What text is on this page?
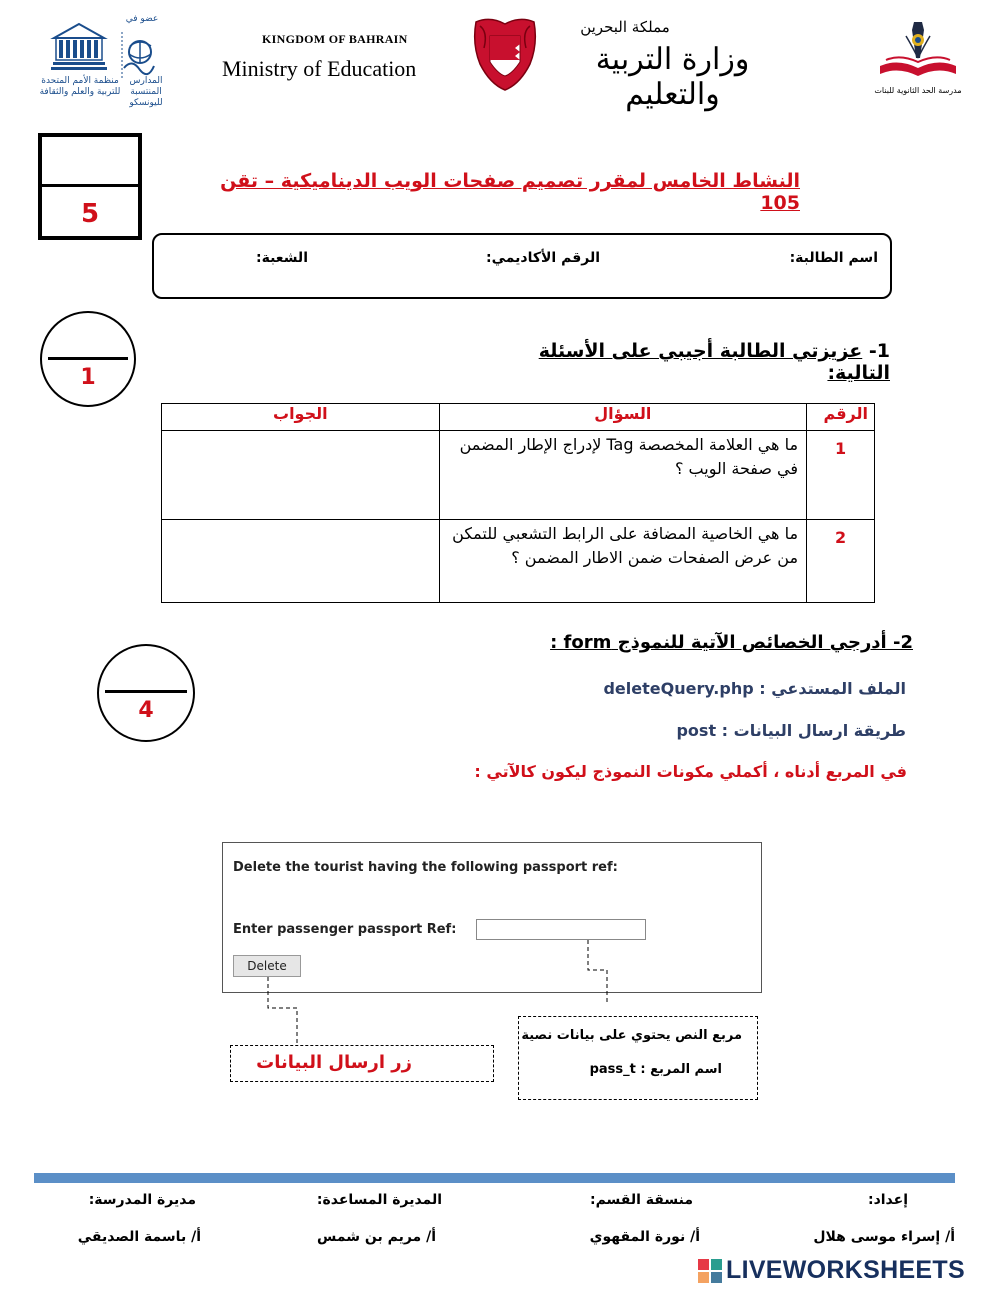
منظمة الأمم المتحدة للتربية والعلم والثقافة
عضو في
المدارس المنتسبة لليونسكو
KINGDOM OF BAHRAIN
Ministry of Education
مملكة البحرين
وزارة التربية والتعليم	مدرسة الحد الثانوية للبنات
5
النشاط الخامس لمقرر تصميم صفحات الويب الديناميكية – تقن 105
اسم الطالبة:
الرقم الأكاديمي:
الشعبة:
1
1- عزيزتي الطالبة أجيبي على الأسئلة التالية:
الرقم	السؤال	الجواب
1	ما هي العلامة المخصصة Tag لإدراج الإطار المضمن في صفحة الويب ؟	
2	ما هي الخاصية المضافة على الرابط التشعبي للتمكن من عرض الصفحات ضمن الاطار المضمن ؟	
4
2- أدرجي الخصائص الآتية للنموذج form :
الملف المستدعي : deleteQuery.php
طريقة ارسال البيانات : post
في المربع أدناه ، أكملي مكونات النموذج ليكون كالآتي :
Delete the tourist having the following passport ref:
Enter passenger passport Ref:
Delete
زر ارسال البيانات
مربع النص يحتوي على بيانات نصية
اسم المربع : pass_t
إعداد:
منسقة القسم:
المديرة المساعدة:
مديرة المدرسة:
أ/ إسراء موسى هلال
أ/ نورة المقهوي
أ/ مريم بن شمس
أ/ باسمة الصديقي
LIVEWORKSHEETS
